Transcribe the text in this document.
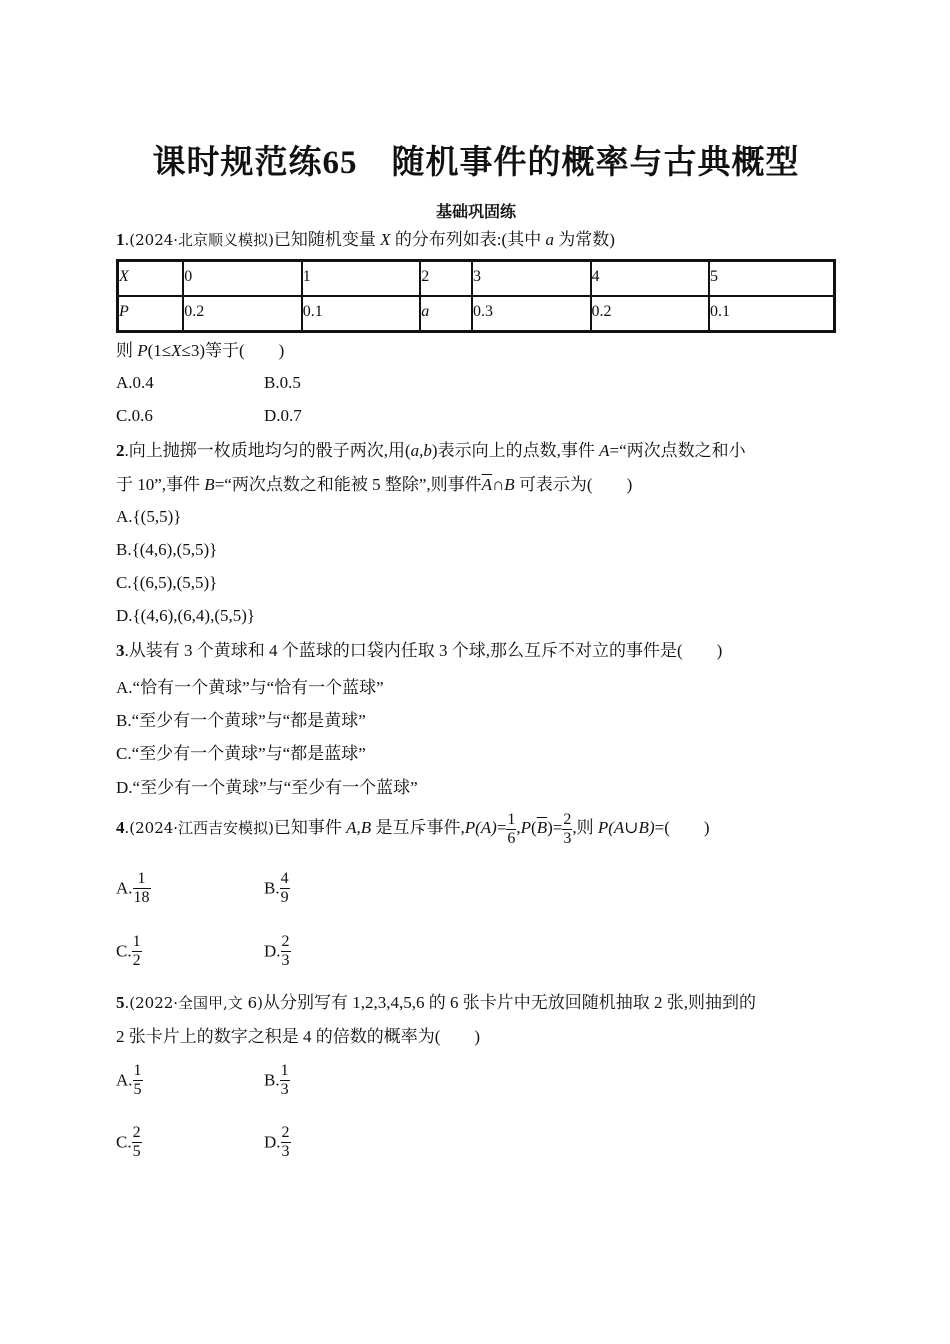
课时规范练65　 随机事件的概率与古典概型
基础巩固练
1.(2024·北京顺义模拟)已知随机变量 X 的分布列如表:(其中 a 为常数)
X	0	1	2	3	4	5
P	0.2	0.1	a	0.3	0.2	0.1
则 P(1≤X≤3)等于(　　)
A.0.4	B.0.5
C.0.6	D.0.7
2.向上抛掷一枚质地均匀的骰子两次,用(a,b)表示向上的点数,事件 A=“两次点数之和小
于 10”,事件 B=“两次点数之和能被 5 整除”,则事件$\overline{A}\cap B$ 可表示为(　　)
A.{(5,5)}
B.{(4,6),(5,5)}
C.{(6,5),(5,5)}
D.{(4,6),(6,4),(5,5)}
3.从装有 3 个黄球和 4 个蓝球的口袋内任取 3 个球,那么互斥不对立的事件是(　　)
A.“恰有一个黄球”与“恰有一个蓝球”
B.“至少有一个黄球”与“都是黄球”
C.“至少有一个黄球”与“都是蓝球”
D.“至少有一个黄球”与“至少有一个蓝球”
4.(2024·江西吉安模拟)已知事件 A,B 是互斥事件$,P(A)= \frac{1}{6} ,P(\overline{B})= \frac{2}{3}$ ,则 P(A∪B)=(　　)
A. $\frac{1}{18}$	B. $\frac{4}{9}$
C. $\frac{1}{2}$	D. $\frac{2}{3}$
5.(2022·全国甲,文 6)从分别写有 1,2,3,4,5,6 的 6 张卡片中无放回随机抽取 2 张,则抽到的
2 张卡片上的数字之积是 4 的倍数的概率为(　　)
A. $\frac{1}{5}$	B. $\frac{1}{3}$
C. $\frac{2}{5}$	D. $\frac{2}{3}$
